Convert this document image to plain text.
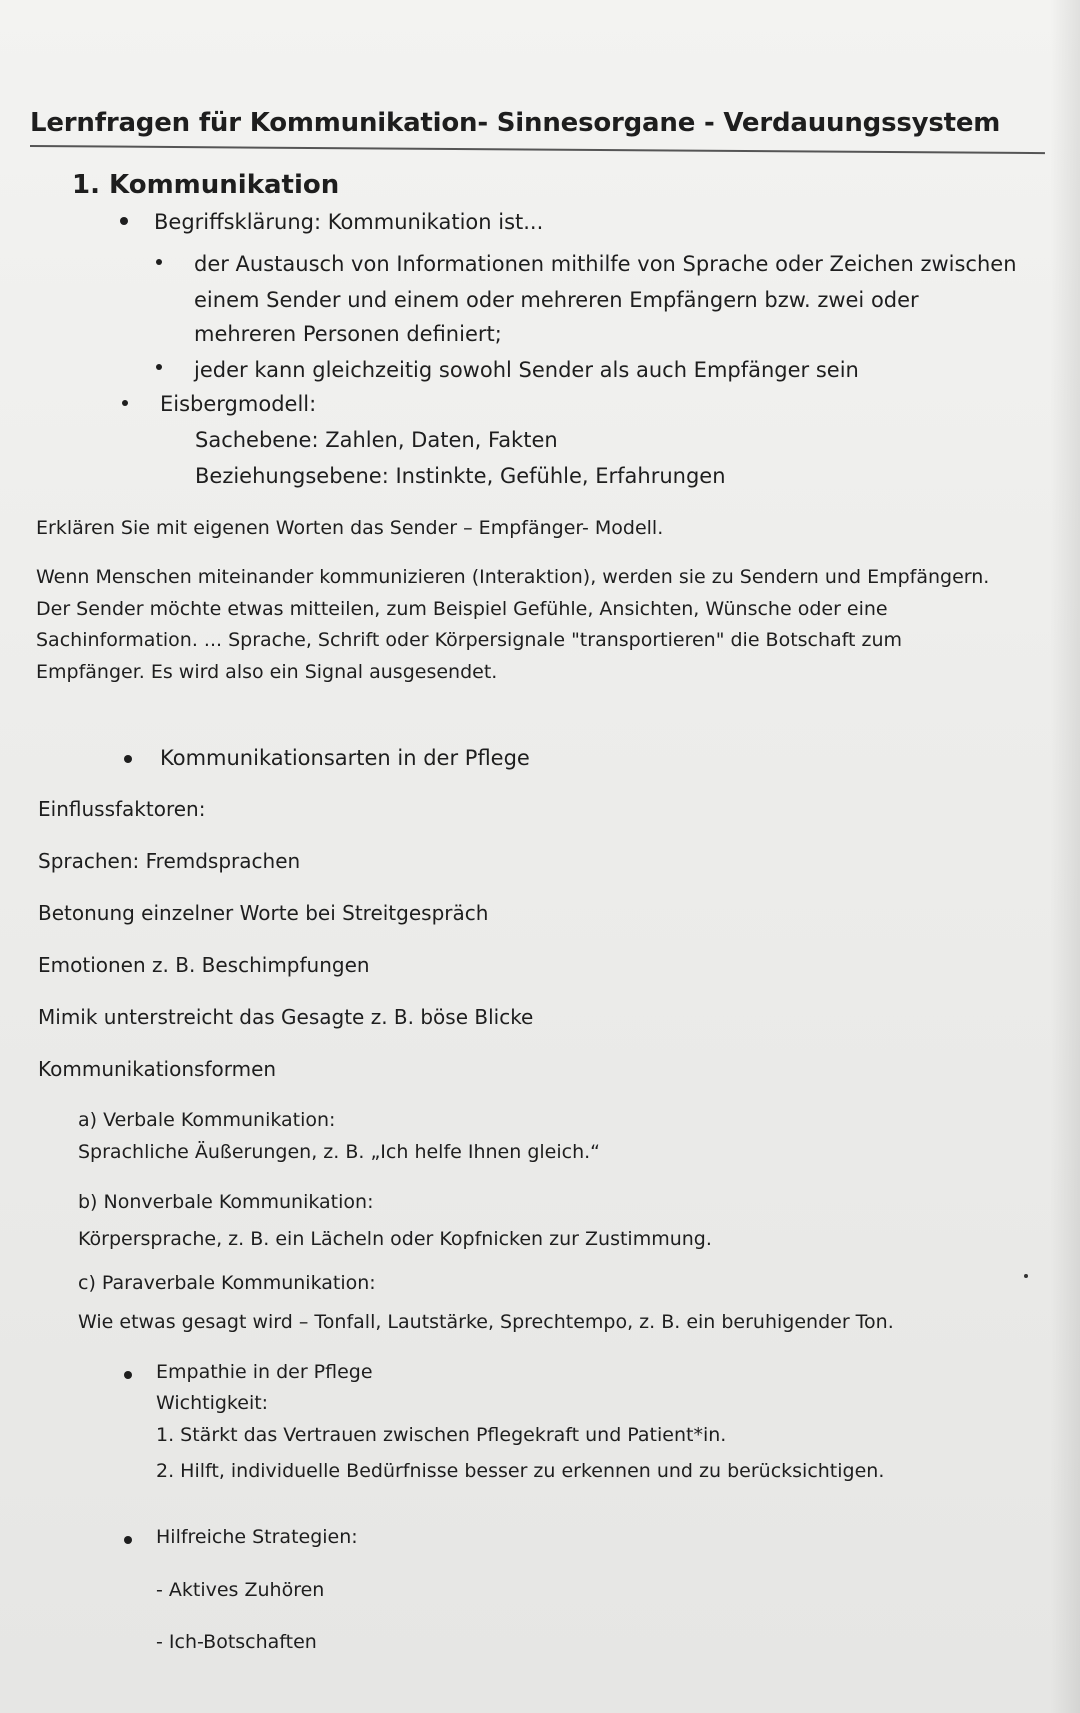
Lernfragen für Kommunikation- Sinnesorgane - Verdauungssystem
1. Kommunikation
Begriffsklärung: Kommunikation ist...
der Austausch von Informationen mithilfe von Sprache oder Zeichen zwischen
einem Sender und einem oder mehreren Empfängern bzw. zwei oder
mehreren Personen definiert;
jeder kann gleichzeitig sowohl Sender als auch Empfänger sein
Eisbergmodell:
Sachebene: Zahlen, Daten, Fakten
Beziehungsebene: Instinkte, Gefühle, Erfahrungen
Erklären Sie mit eigenen Worten das Sender – Empfänger- Modell.
Wenn Menschen miteinander kommunizieren (Interaktion), werden sie zu Sendern und Empfängern.
Der Sender möchte etwas mitteilen, zum Beispiel Gefühle, Ansichten, Wünsche oder eine
Sachinformation. ... Sprache, Schrift oder Körpersignale "transportieren" die Botschaft zum
Empfänger. Es wird also ein Signal ausgesendet.
Kommunikationsarten in der Pflege
Einflussfaktoren:
Sprachen: Fremdsprachen
Betonung einzelner Worte bei Streitgespräch
Emotionen z. B. Beschimpfungen
Mimik unterstreicht das Gesagte z. B. böse Blicke
Kommunikationsformen
a) Verbale Kommunikation:
Sprachliche Äußerungen, z. B. „Ich helfe Ihnen gleich.“
b) Nonverbale Kommunikation:
Körpersprache, z. B. ein Lächeln oder Kopfnicken zur Zustimmung.
c) Paraverbale Kommunikation:
Wie etwas gesagt wird – Tonfall, Lautstärke, Sprechtempo, z. B. ein beruhigender Ton.
Empathie in der Pflege
Wichtigkeit:
1. Stärkt das Vertrauen zwischen Pflegekraft und Patient*in.
2. Hilft, individuelle Bedürfnisse besser zu erkennen und zu berücksichtigen.
Hilfreiche Strategien:
- Aktives Zuhören
- Ich-Botschaften
